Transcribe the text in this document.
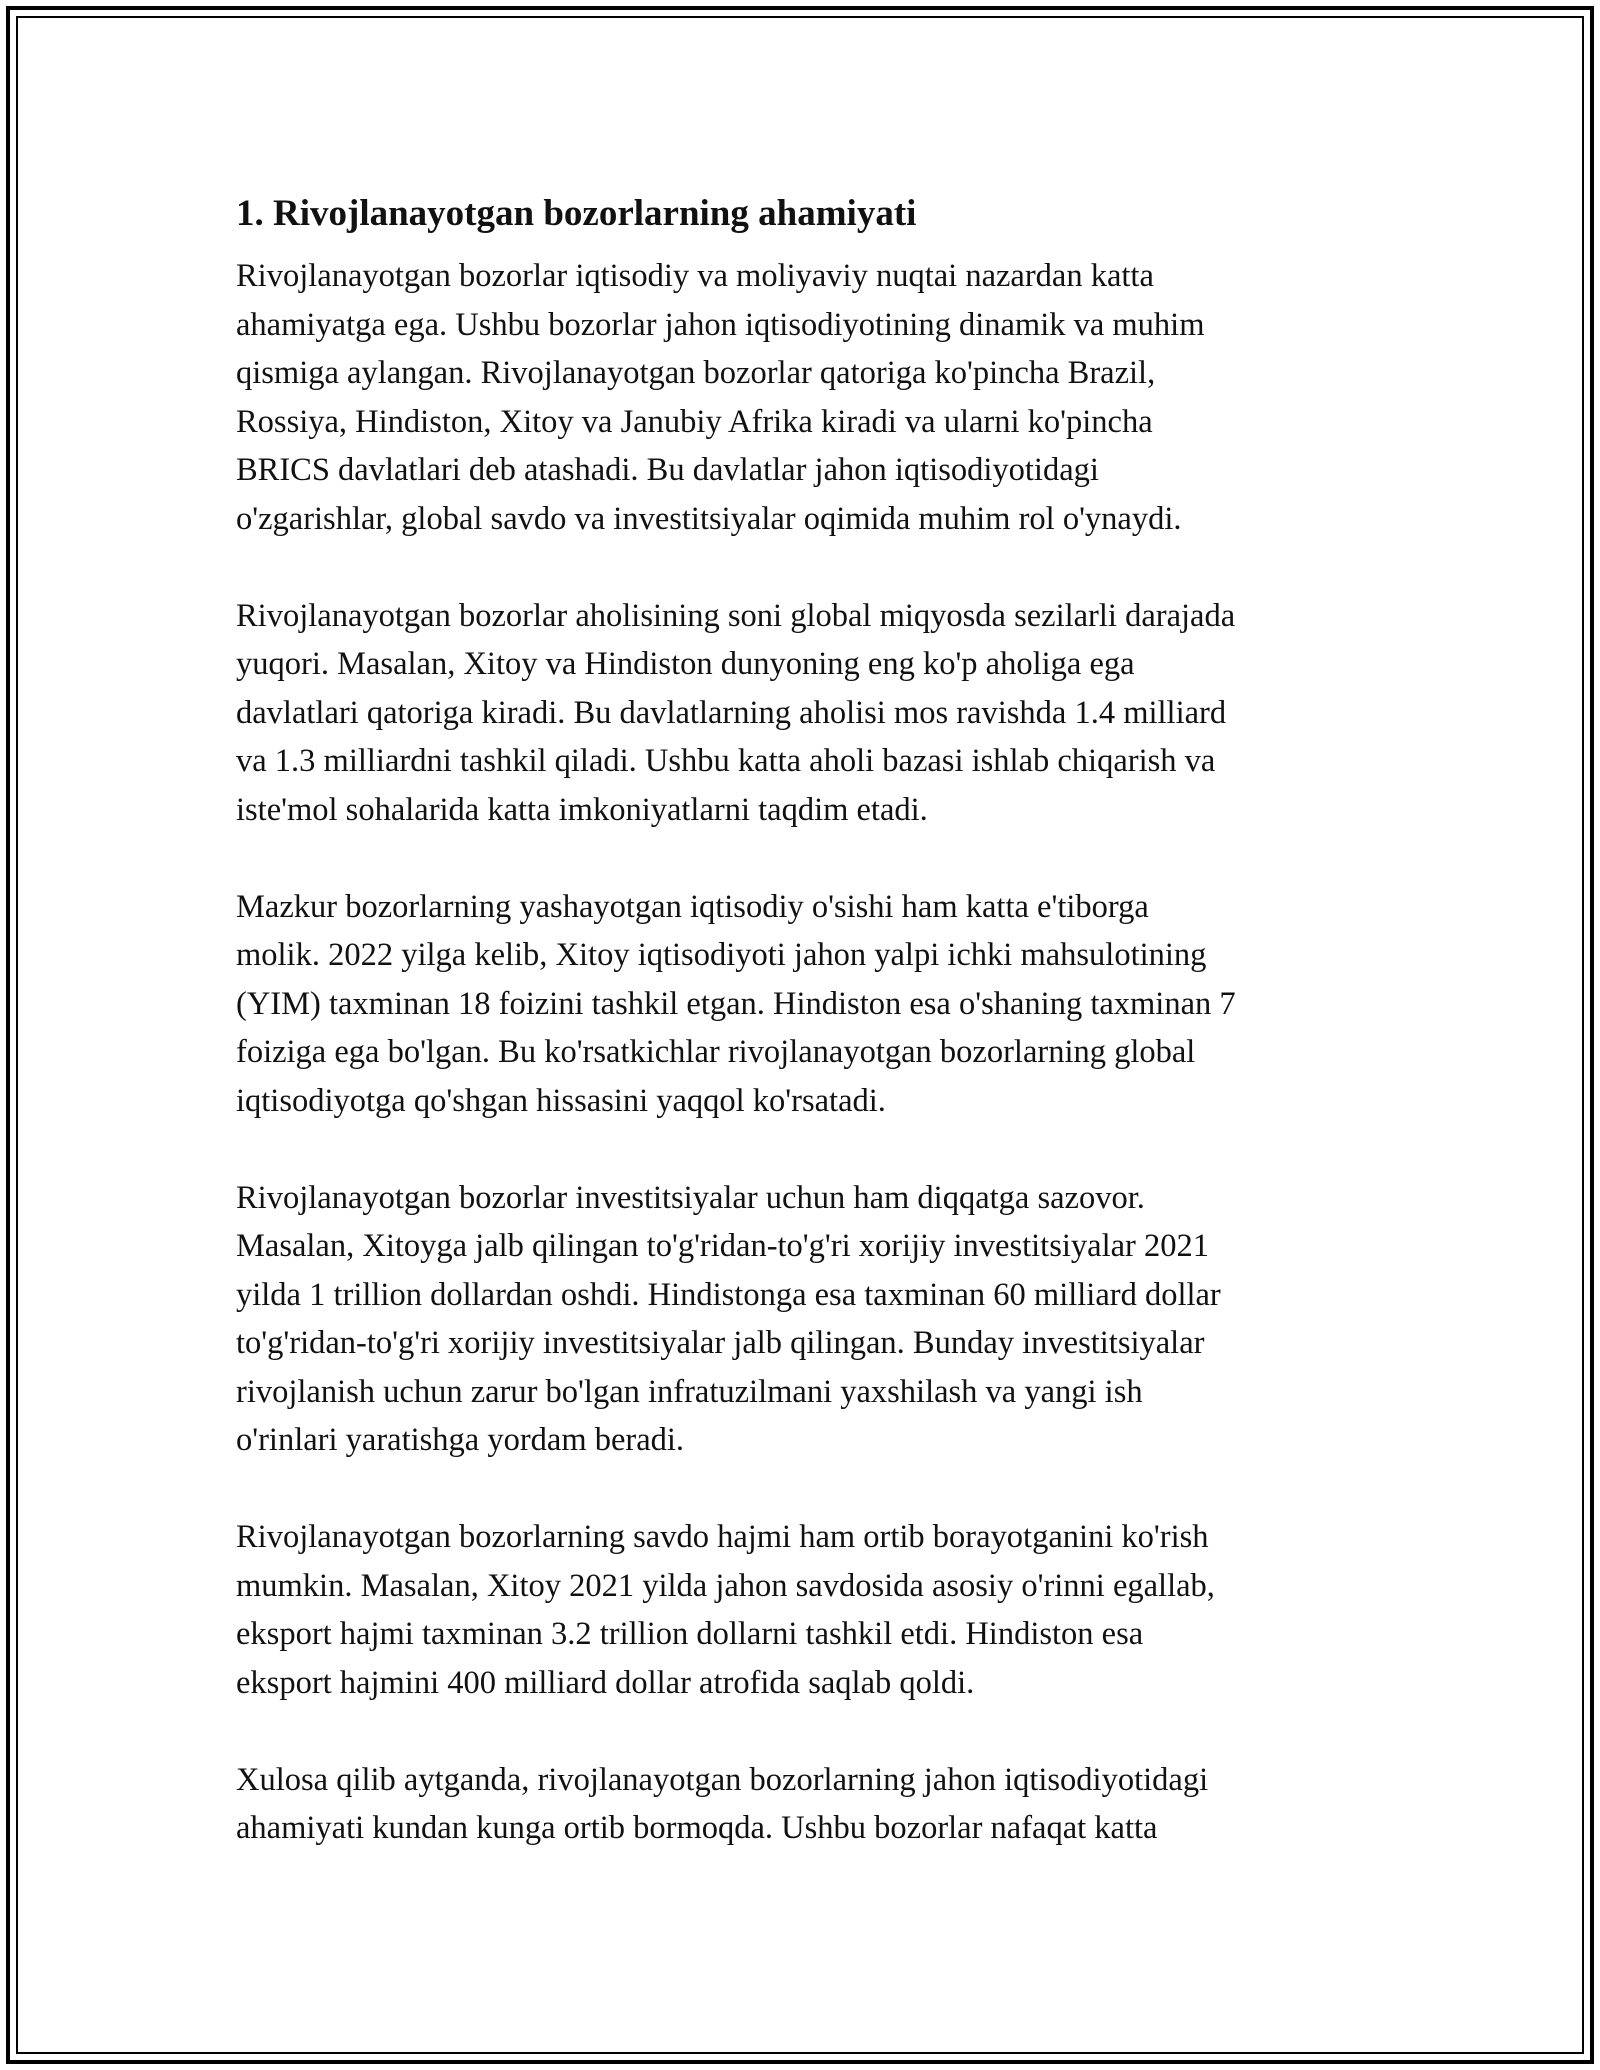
1. Rivojlanayotgan bozorlarning ahamiyati

Rivojlanayotgan bozorlar iqtisodiy va moliyaviy nuqtai nazardan katta
ahamiyatga ega. Ushbu bozorlar jahon iqtisodiyotining dinamik va muhim
qismiga aylangan. Rivojlanayotgan bozorlar qatoriga ko'pincha Brazil,
Rossiya, Hindiston, Xitoy va Janubiy Afrika kiradi va ularni ko'pincha
BRICS davlatlari deb atashadi. Bu davlatlar jahon iqtisodiyotidagi
o'zgarishlar, global savdo va investitsiyalar oqimida muhim rol o'ynaydi.

Rivojlanayotgan bozorlar aholisining soni global miqyosda sezilarli darajada
yuqori. Masalan, Xitoy va Hindiston dunyoning eng ko'p aholiga ega
davlatlari qatoriga kiradi. Bu davlatlarning aholisi mos ravishda 1.4 milliard
va 1.3 milliardni tashkil qiladi. Ushbu katta aholi bazasi ishlab chiqarish va
iste'mol sohalarida katta imkoniyatlarni taqdim etadi.

Mazkur bozorlarning yashayotgan iqtisodiy o'sishi ham katta e'tiborga
molik. 2022 yilga kelib, Xitoy iqtisodiyoti jahon yalpi ichki mahsulotining
(YIM) taxminan 18 foizini tashkil etgan. Hindiston esa o'shaning taxminan 7
foiziga ega bo'lgan. Bu ko'rsatkichlar rivojlanayotgan bozorlarning global
iqtisodiyotga qo'shgan hissasini yaqqol ko'rsatadi.

Rivojlanayotgan bozorlar investitsiyalar uchun ham diqqatga sazovor.
Masalan, Xitoyga jalb qilingan to'g'ridan-to'g'ri xorijiy investitsiyalar 2021
yilda 1 trillion dollardan oshdi. Hindistonga esa taxminan 60 milliard dollar
to'g'ridan-to'g'ri xorijiy investitsiyalar jalb qilingan. Bunday investitsiyalar
rivojlanish uchun zarur bo'lgan infratuzilmani yaxshilash va yangi ish
o'rinlari yaratishga yordam beradi.

Rivojlanayotgan bozorlarning savdo hajmi ham ortib borayotganini ko'rish
mumkin. Masalan, Xitoy 2021 yilda jahon savdosida asosiy o'rinni egallab,
eksport hajmi taxminan 3.2 trillion dollarni tashkil etdi. Hindiston esa
eksport hajmini 400 milliard dollar atrofida saqlab qoldi.

Xulosa qilib aytganda, rivojlanayotgan bozorlarning jahon iqtisodiyotidagi
ahamiyati kundan kunga ortib bormoqda. Ushbu bozorlar nafaqat katta
